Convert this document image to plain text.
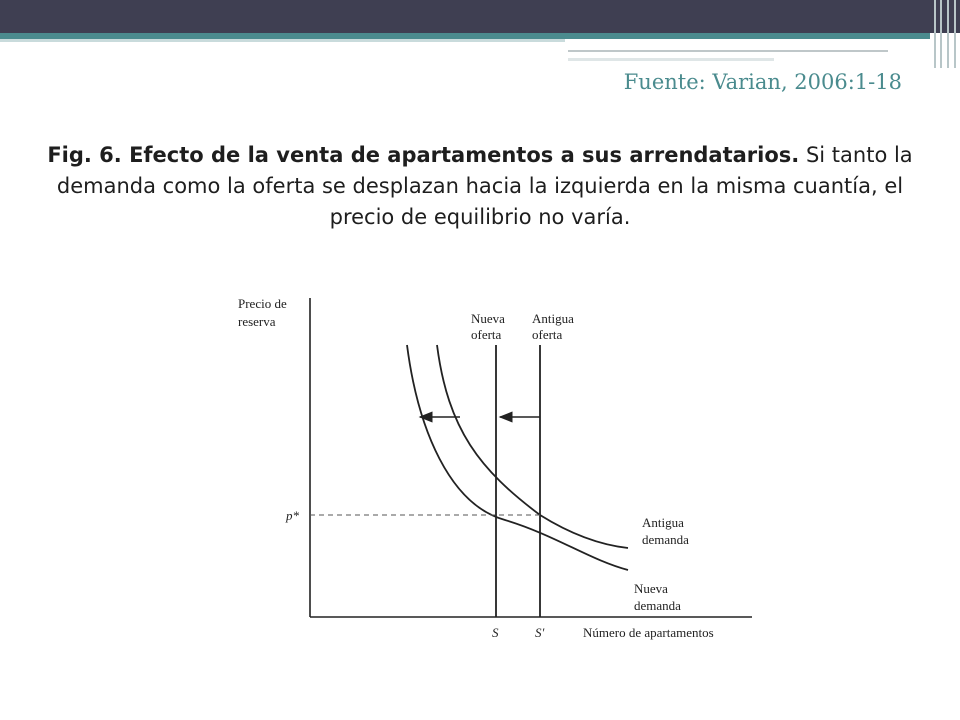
Fuente: Varian, 2006:1-18
Fig. 6. Efecto de la venta de apartamentos a sus arrendatarios. Si tanto la demanda como la oferta se desplazan hacia la izquierda en la misma cuantía, el precio de equilibrio no varía.
Precio de
reserva	Nueva
oferta
Antigua
oferta
p*	Antigua
demanda
Nueva
demanda
S	S′	Número de apartamentos
